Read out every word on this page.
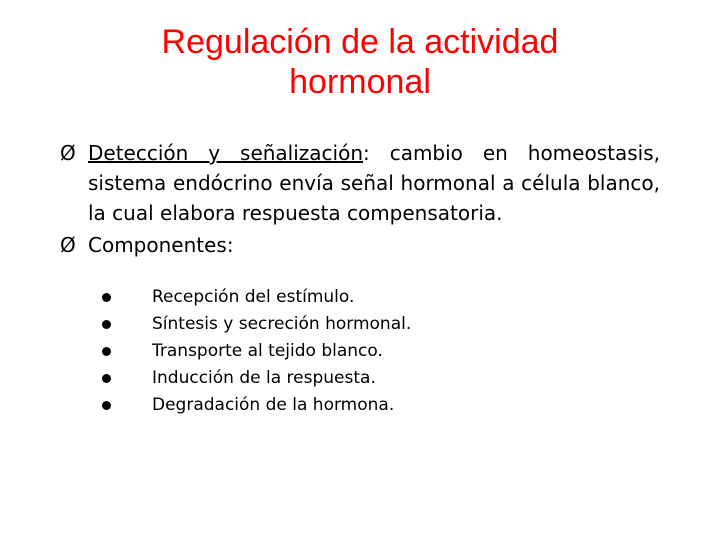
Regulación de la actividad
hormonal
Ø Detección y señalización: cambio en homeostasis, sistema endócrino envía señal hormonal a célula blanco, la cual elabora respuesta compensatoria.
Ø Componentes:
Recepción del estímulo.
Síntesis y secreción hormonal.
Transporte al tejido blanco.
Inducción de la respuesta.
Degradación de la hormona.
